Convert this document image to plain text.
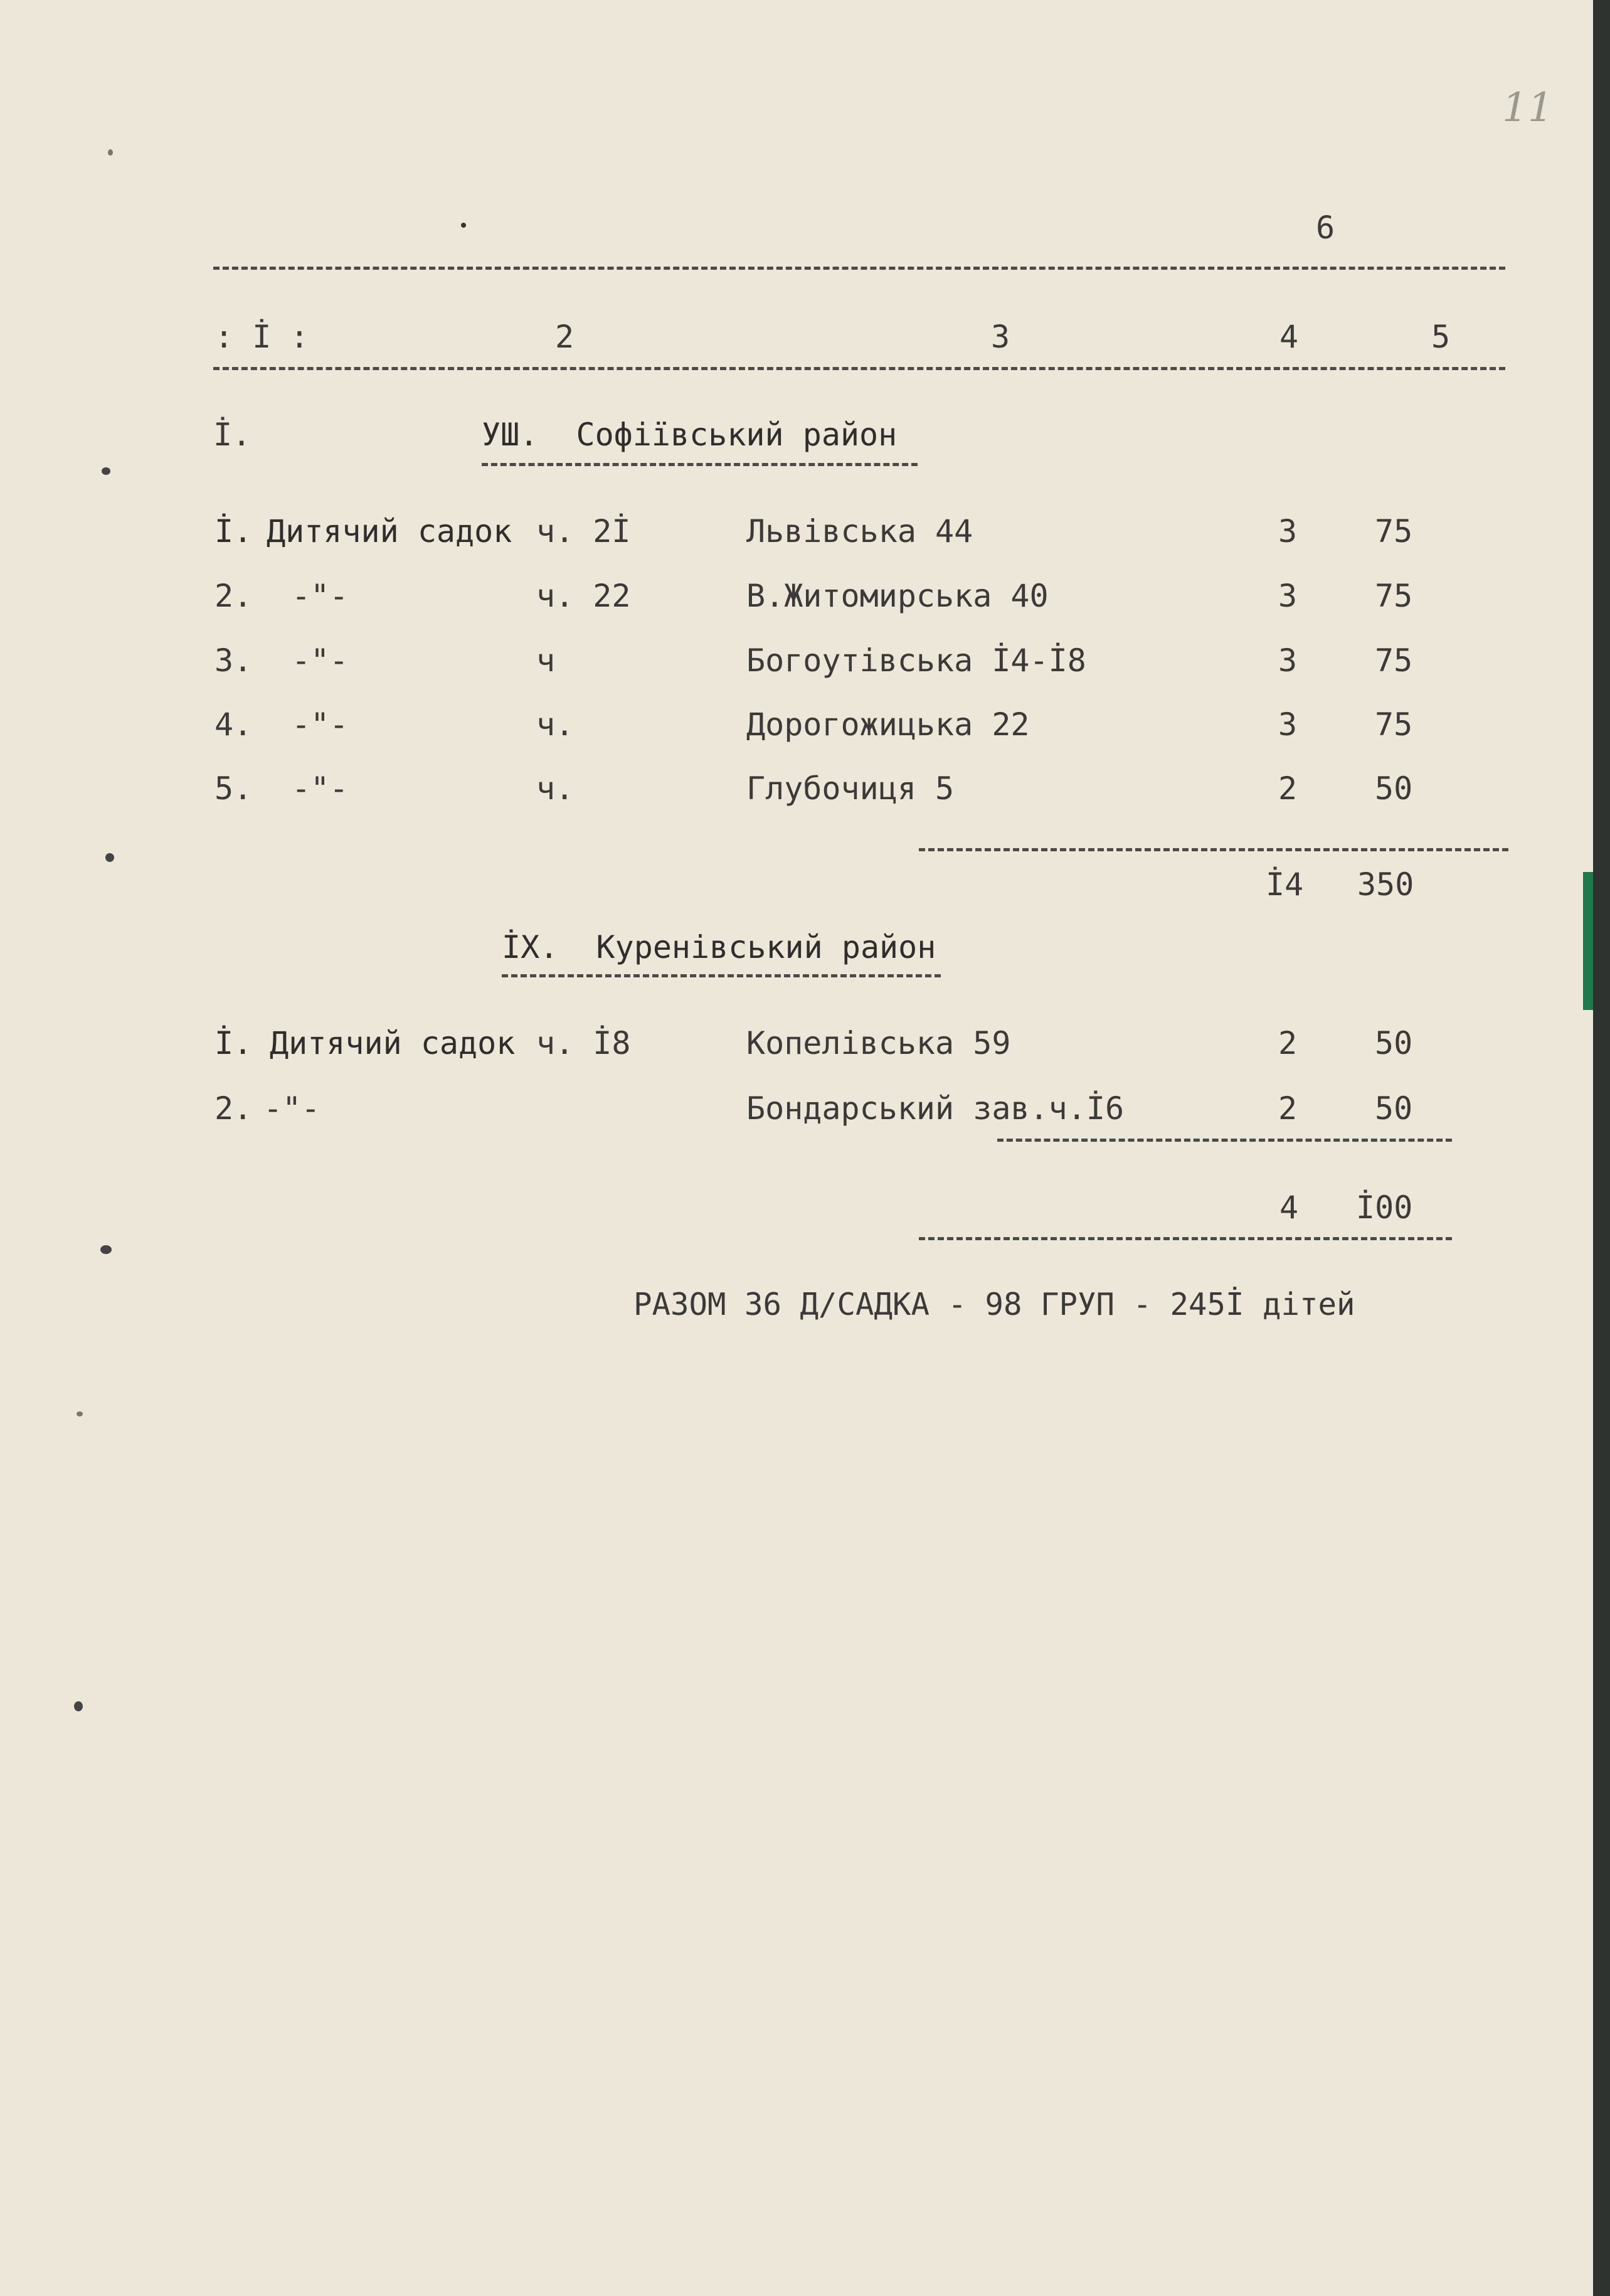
11
6
: İ :	2	3	4	5
İ.	УШ.  Софіївський район
İ. Дитячий садок ч. 2İ	Львівська 44	3 75
2. -"-	ч. 22	В.Житомирська 40	3 75
3. -"-	ч	Богоутівська İ4-İ8	3 75
4. -"-	ч.	Дорогожицька 22	3 75
5. -"-	ч.	Глубочиця 5	2 50
İ4 350
İХ.  Куренівський район
İ. Дитячий садок ч. İ8	Копелівська 59	2 50
2. -"-	Бондарський зав.ч.İ6	2 50
4 İ00
РАЗОМ 36 Д/САДКА - 98 ГРУП - 245İ дітей
